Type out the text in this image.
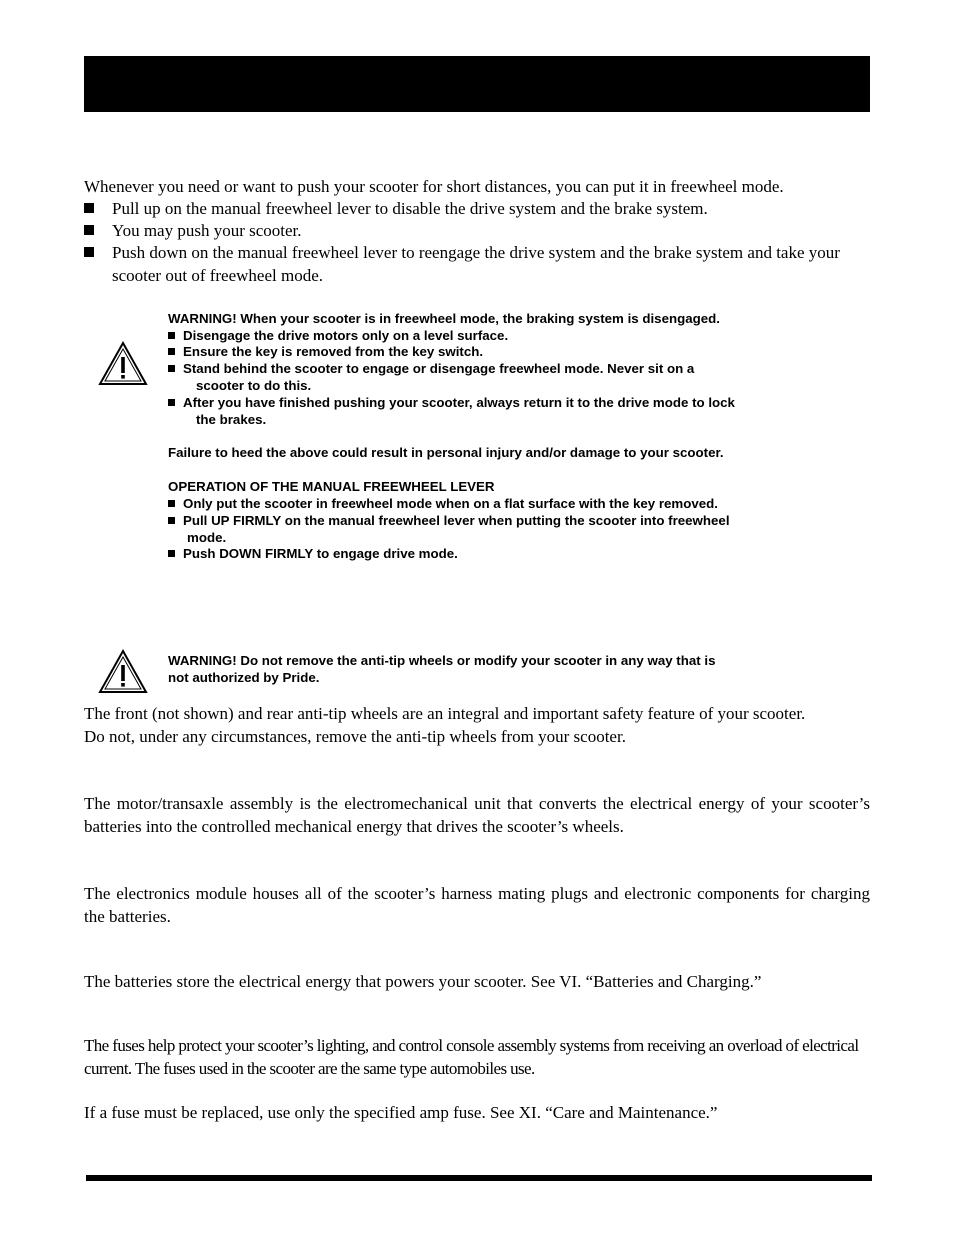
Whenever you need or want to push your scooter for short distances, you can put it in freewheel mode.
Pull up on the manual freewheel lever to disable the drive system and the brake system.
You may push your scooter.
Push down on the manual freewheel lever to reengage the drive system and the brake system and take your scooter out of freewheel mode.
WARNING! When your scooter is in freewheel mode, the braking system is disengaged.
Disengage the drive motors only on a level surface.
Ensure the key is removed from the key switch.
Stand behind the scooter to engage or disengage freewheel mode. Never sit on a
scooter to do this.
After you have finished pushing your scooter, always return it to the drive mode to lock
the brakes.
Failure to heed the above could result in personal injury and/or damage to your scooter.
OPERATION OF THE MANUAL FREEWHEEL LEVER
Only put the scooter in freewheel mode when on a flat surface with the key removed.
Pull UP FIRMLY on the manual freewheel lever when putting the scooter into freewheel
mode.
Push DOWN FIRMLY to engage drive mode.
WARNING! Do not remove the anti-tip wheels or modify your scooter in any way that is
not authorized by Pride.
The front (not shown) and rear anti-tip wheels are an integral and important safety feature of your scooter.
Do not, under any circumstances, remove the anti-tip wheels from your scooter.
The motor/transaxle assembly is the electromechanical unit that converts the electrical energy of your scooter’s batteries into the controlled mechanical energy that drives the scooter’s wheels.
The electronics module houses all of the scooter’s harness mating plugs and electronic components for charging the batteries.
The batteries store the electrical energy that powers your scooter. See VI. “Batteries and Charging.”
The fuses help protect your scooter’s lighting, and control console assembly systems from receiving an overload of electrical current. The fuses used in the scooter are the same type automobiles use.
If a fuse must be replaced, use only the specified amp fuse. See XI. “Care and Maintenance.”
